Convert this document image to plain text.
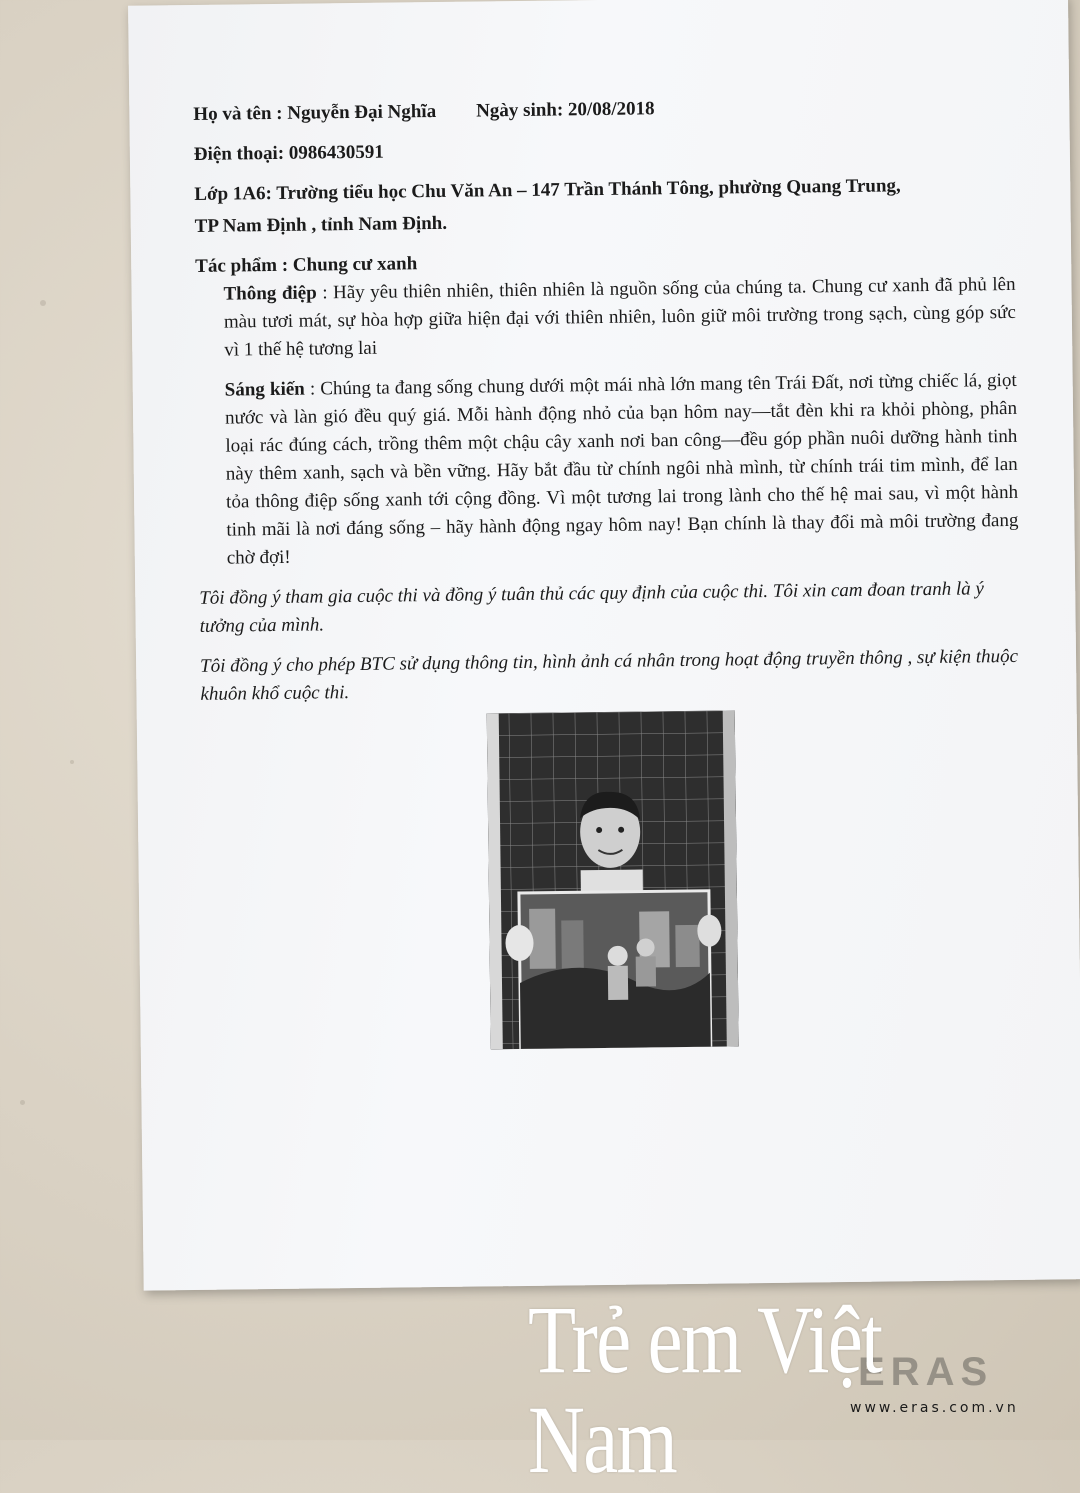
Họ và tên : Nguyễn Đại Nghĩa Ngày sinh: 20/08/2018

Điện thoại: 0986430591

Lớp 1A6: Trường tiểu học Chu Văn An – 147 Trần Thánh Tông, phường Quang Trung,

TP Nam Định , tỉnh Nam Định.

Tác phẩm : Chung cư xanh

Thông điệp : Hãy yêu thiên nhiên, thiên nhiên là nguồn sống của chúng ta. Chung cư xanh đã phủ lên màu tươi mát, sự hòa hợp giữa hiện đại với thiên nhiên, luôn giữ môi trường trong sạch, cùng góp sức vì 1 thế hệ tương lai

Sáng kiến : Chúng ta đang sống chung dưới một mái nhà lớn mang tên Trái Đất, nơi từng chiếc lá, giọt nước và làn gió đều quý giá. Mỗi hành động nhỏ của bạn hôm nay—tắt đèn khi ra khỏi phòng, phân loại rác đúng cách, trồng thêm một chậu cây xanh nơi ban công—đều góp phần nuôi dưỡng hành tinh này thêm xanh, sạch và bền vững. Hãy bắt đầu từ chính ngôi nhà mình, từ chính trái tim mình, để lan tỏa thông điệp sống xanh tới cộng đồng. Vì một tương lai trong lành cho thế hệ mai sau, vì một hành tinh mãi là nơi đáng sống – hãy hành động ngay hôm nay! Bạn chính là thay đổi mà môi trường đang chờ đợi!

Tôi đồng ý tham gia cuộc thi và đồng ý tuân thủ các quy định của cuộc thi. Tôi xin cam đoan tranh là ý tưởng của mình.

Tôi đồng ý cho phép BTC sử dụng thông tin, hình ảnh cá nhân trong hoạt động truyền thông , sự kiện thuộc khuôn khổ cuộc thi.

ERAS
Trẻ em Việt Nam	www.eras.com.vn
